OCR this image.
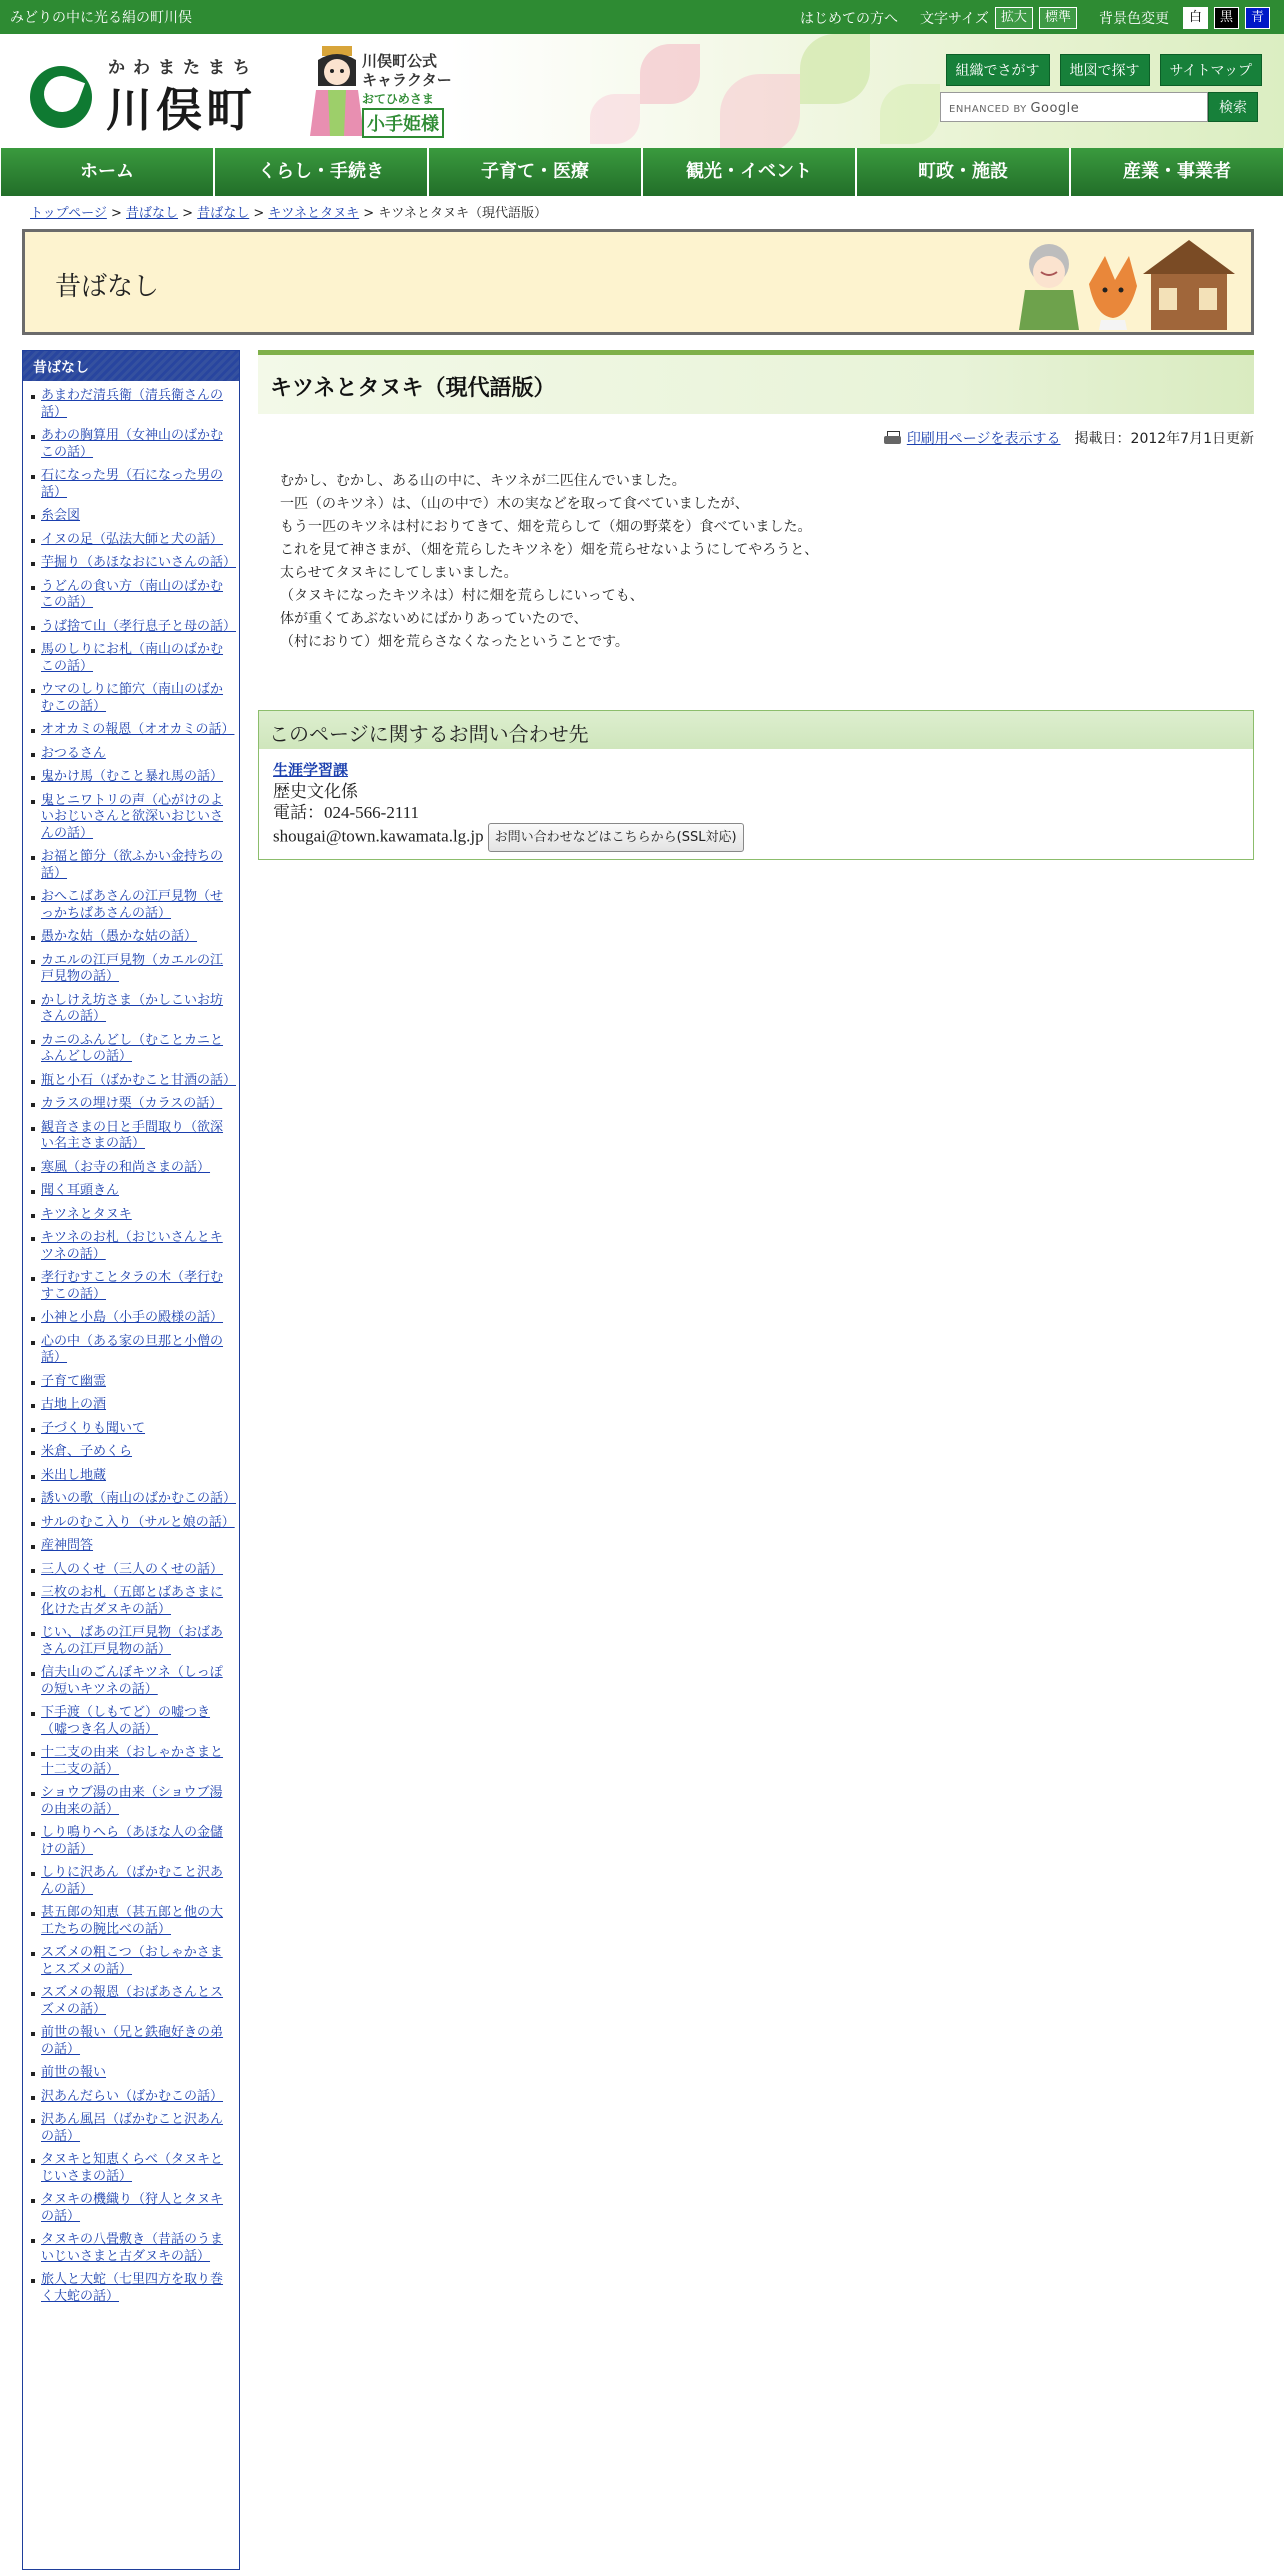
みどりの中に光る絹の町川俣	はじめての方へ 文字サイズ 拡大	標準	背景色変更	白	黒	青
かわまたまち
川俣町
川俣町公式
キャラクター
おてひめさま
小手姫様
組織でさがす	地図で探す	サイトマップ
ENHANCED BY Google	検索
ホーム	くらし・手続き	子育て・医療	観光・イベント	町政・施設	産業・事業者
トップページ > 昔ばなし > 昔ばなし > キツネとタヌキ > キツネとタヌキ（現代語版）
昔ばなし
昔ばなし
あまわだ清兵衛（清兵衛さんの話）
あわの胸算用（女神山のばかむこの話）
石になった男（石になった男の話）
糸会図
イヌの足（弘法大師と犬の話）
芋掘り（あほなおにいさんの話）
うどんの食い方（南山のばかむこの話）
うば捨て山（孝行息子と母の話）
馬のしりにお札（南山のばかむこの話）
ウマのしりに節穴（南山のばかむこの話）
オオカミの報恩（オオカミの話）
おつるさん
鬼かけ馬（むこと暴れ馬の話）
鬼とニワトリの声（心がけのよいおじいさんと欲深いおじいさんの話）
お福と節分（欲ふかい金持ちの話）
おへこばあさんの江戸見物（せっかちばあさんの話）
愚かな姑（愚かな姑の話）
カエルの江戸見物（カエルの江戸見物の話）
かしけえ坊さま（かしこいお坊さんの話）
カニのふんどし（むことカニとふんどしの話）
瓶と小石（ばかむこと甘酒の話）
カラスの埋け栗（カラスの話）
観音さまの日と手間取り（欲深い名主さまの話）
寒風（お寺の和尚さまの話）
聞く耳頭きん
キツネとタヌキ
キツネのお札（おじいさんとキツネの話）
孝行むすことタラの木（孝行むすこの話）
小神と小島（小手の殿様の話）
心の中（ある家の旦那と小僧の話）
子育て幽霊
古地上の酒
子づくりも聞いて
米倉、子めくら
米出し地蔵
誘いの歌（南山のばかむこの話）
サルのむこ入り（サルと娘の話）
産神問答
三人のくせ（三人のくせの話）
三枚のお札（五郎とばあさまに化けた古ダヌキの話）
じい、ばあの江戸見物（おばあさんの江戸見物の話）
信夫山のごんぼキツネ（しっぽの短いキツネの話）
下手渡（しもてど）の嘘つき（嘘つき名人の話）
十二支の由来（おしゃかさまと十二支の話）
ショウブ湯の由来（ショウブ湯の由来の話）
しり鳴りへら（あほな人の金儲けの話）
しりに沢あん（ばかむこと沢あんの話）
甚五郎の知恵（甚五郎と他の大工たちの腕比べの話）
スズメの粗こつ（おしゃかさまとスズメの話）
スズメの報恩（おばあさんとスズメの話）
前世の報い（兄と鉄砲好きの弟の話）
前世の報い
沢あんだらい（ばかむこの話）
沢あん風呂（ばかむこと沢あんの話）
タヌキと知恵くらべ（タヌキとじいさまの話）
タヌキの機織り（狩人とタヌキの話）
タヌキの八畳敷き（昔話のうまいじいさまと古ダヌキの話）
旅人と大蛇（七里四方を取り巻く大蛇の話）
キツネとタヌキ（現代語版）
印刷用ページを表示する 掲載日：2012年7月1日更新
むかし、むかし、ある山の中に、キツネが二匹住んでいました。
一匹（のキツネ）は、（山の中で）木の実などを取って食べていましたが、
もう一匹のキツネは村におりてきて、畑を荒らして（畑の野菜を）食べていました。
これを見て神さまが、（畑を荒らしたキツネを）畑を荒らせないようにしてやろうと、
太らせてタヌキにしてしまいました。
（タヌキになったキツネは）村に畑を荒らしにいっても、
体が重くてあぶないめにばかりあっていたので、
（村におりて）畑を荒らさなくなったということです。
このページに関するお問い合わせ先
生涯学習課
歴史文化係
電話：024-566-2111
shougai@town.kawamata.lg.jp お問い合わせなどはこちらから(SSL対応)
